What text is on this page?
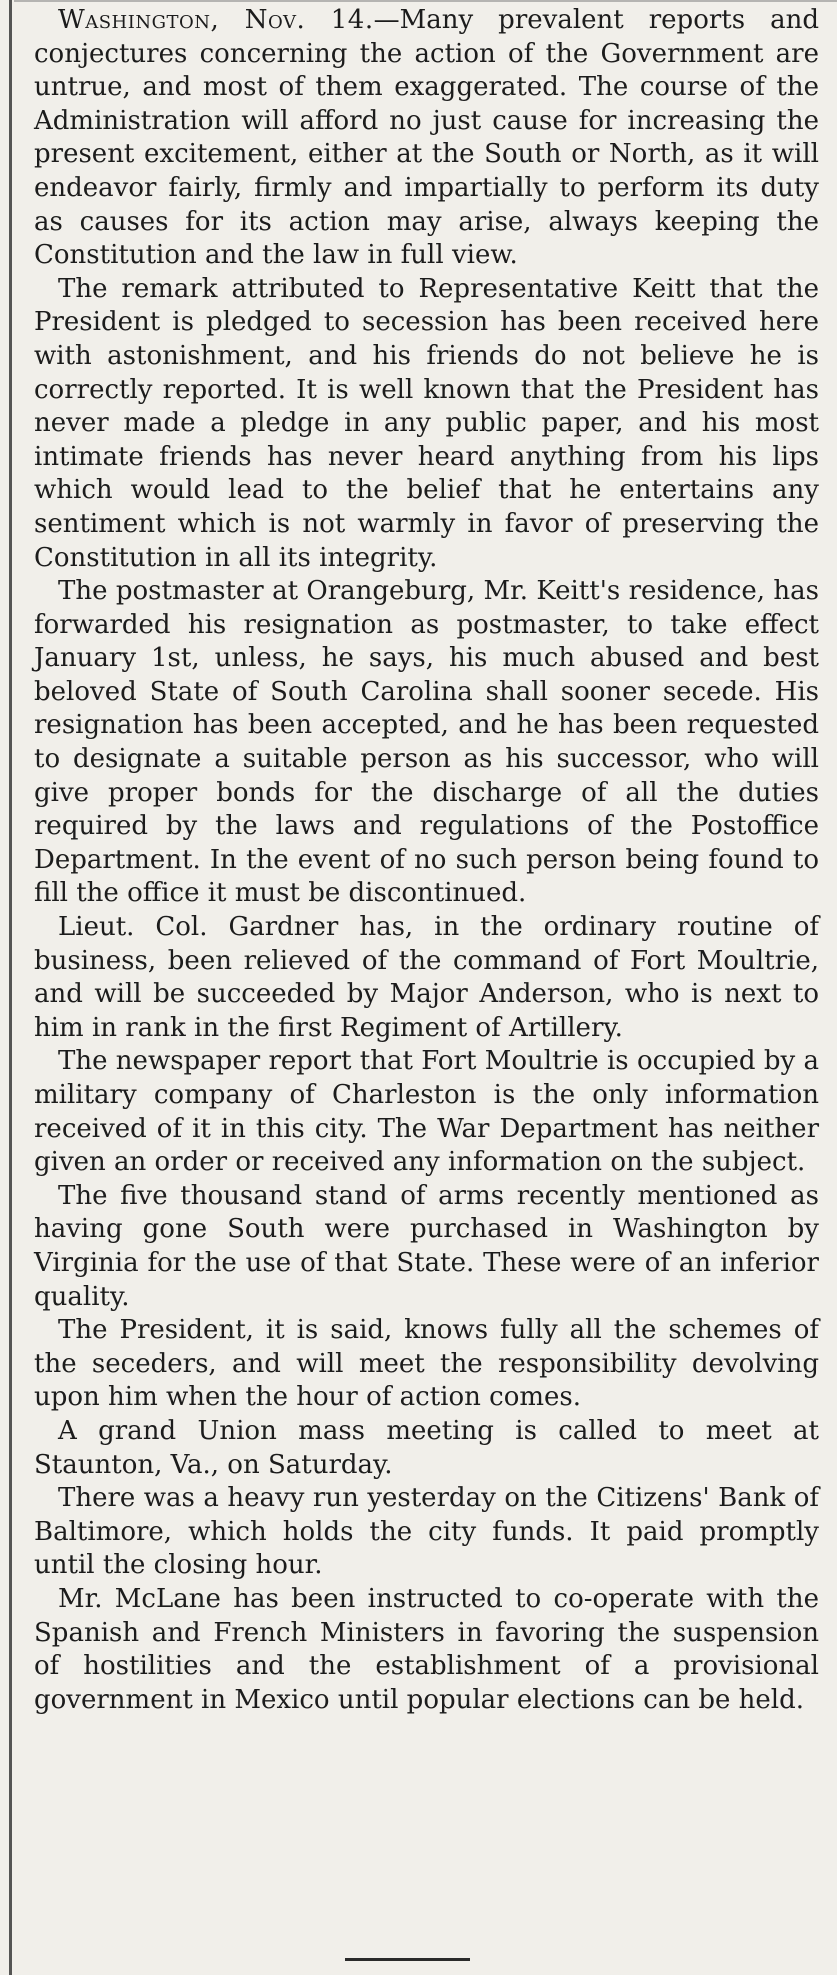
Washington, Nov. 14.—Many prevalent reports and conjectures concerning the action of the Government are untrue, and most of them exaggerated. The course of the Administration will afford no just cause for increasing the present excitement, either at the South or North, as it will endeavor fairly, firmly and impartially to perform its duty as causes for its action may arise, always keeping the Constitution and the law in full view.

The remark attributed to Representative Keitt that the President is pledged to secession has been received here with astonishment, and his friends do not believe he is correctly reported. It is well known that the President has never made a pledge in any public paper, and his most intimate friends has never heard anything from his lips which would lead to the belief that he entertains any sentiment which is not warmly in favor of preserving the Constitution in all its integrity.

The postmaster at Orangeburg, Mr. Keitt's residence, has forwarded his resignation as postmaster, to take effect January 1st, unless, he says, his much abused and best beloved State of South Carolina shall sooner secede. His resignation has been accepted, and he has been requested to designate a suitable person as his successor, who will give proper bonds for the discharge of all the duties required by the laws and regulations of the Postoffice Department. In the event of no such person being found to fill the office it must be discontinued.

Lieut. Col. Gardner has, in the ordinary routine of business, been relieved of the command of Fort Moultrie, and will be succeeded by Major Anderson, who is next to him in rank in the first Regiment of Artillery.

The newspaper report that Fort Moultrie is occupied by a military company of Charleston is the only information received of it in this city. The War Department has neither given an order or received any information on the subject.

The five thousand stand of arms recently mentioned as having gone South were purchased in Washington by Virginia for the use of that State. These were of an inferior quality.

The President, it is said, knows fully all the schemes of the seceders, and will meet the responsibility devolving upon him when the hour of action comes.

A grand Union mass meeting is called to meet at Staunton, Va., on Saturday.

There was a heavy run yesterday on the Citizens' Bank of Baltimore, which holds the city funds. It paid promptly until the closing hour.

Mr. McLane has been instructed to co-operate with the Spanish and French Ministers in favoring the suspension of hostilities and the establishment of a provisional government in Mexico until popular elections can be held.
